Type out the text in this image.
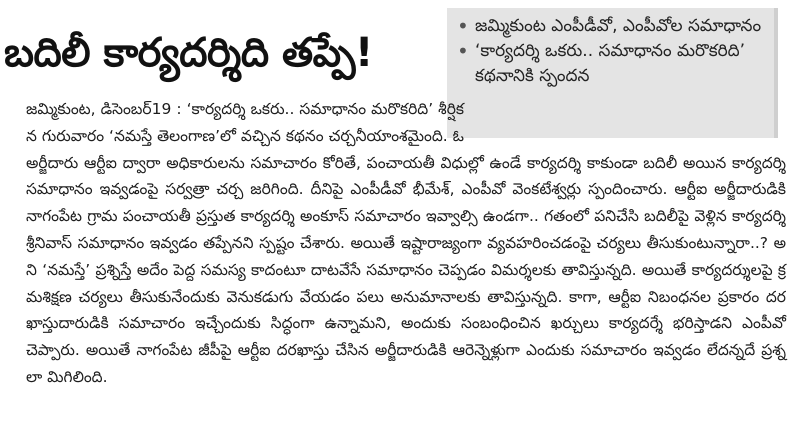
బదిలీ కార్యదర్శిది తప్పే!
• జమ్మికుంట ఎంపీడీవో, ఎంపీవోల సమాధానం
• ‘కార్యదర్శి ఒకరు.. సమాధానం మరొకరిది’ కథనానికి స్పందన

జమ్మికుంట, డిసెంబర్‌19 : ‘కార్యదర్శి ఒకరు.. సమాధానం మరొకరిది’ శీర్షికన గురువారం ‘నమస్తే తెలంగాణ’లో వచ్చిన కథనం చర్చనీయాంశమైంది. ఓ అర్జీదారు ఆర్టీఐ ద్వారా అధికారులను సమాచారం కోరితే, పంచాయతీ విధుల్లో ఉండే కార్యదర్శి కాకుండా బదిలీ అయిన కార్యదర్శి సమాధానం ఇవ్వడంపై సర్వత్రా చర్చ జరిగింది. దీనిపై ఎంపీడీవో భీమేశ్‌, ఎంపీవో వెంకటేశ్వర్లు స్పందించారు. ఆర్టీఐ అర్జీదారుడికి నాగంపేట గ్రామ పంచాయతీ ప్రస్తుత కార్యదర్శి అంకూస్‌ సమాచారం ఇవ్వాల్సి ఉండగా.. గతంలో పనిచేసి బదిలీపై వెళ్లిన కార్యదర్శి శ్రీనివాస్‌ సమాధానం ఇవ్వడం తప్పేనని స్పష్టం చేశారు. అయితే ఇష్టారాజ్యంగా వ్యవహరించడంపై చర్యలు తీసుకుంటున్నారా..? అని ‘నమస్తే’ ప్రశ్నిస్తే అదేం పెద్ద సమస్య కాదంటూ దాటవేసే సమాధానం చెప్పడం విమర్శలకు తావిస్తున్నది. అయితే కార్యదర్శులపై క్రమశిక్షణ చర్యలు తీసుకునేందుకు వెనుకడుగు వేయడం పలు అనుమానాలకు తావిస్తున్నది. కాగా, ఆర్టీఐ నిబంధనల ప్రకారం దరఖాస్తుదారుడికి సమాచారం ఇచ్చేందుకు సిద్ధంగా ఉన్నామని, అందుకు సంబంధించిన ఖర్చులు కార్యదర్శే భరిస్తాడని ఎంపీవో చెప్పారు. అయితే నాగంపేట జీపీపై ఆర్టీఐ దరఖాస్తు చేసిన అర్జీదారుడికి ఆరెన్నెళ్లుగా ఎందుకు సమాచారం ఇవ్వడం లేదన్నదే ప్రశ్నలా మిగిలింది.
